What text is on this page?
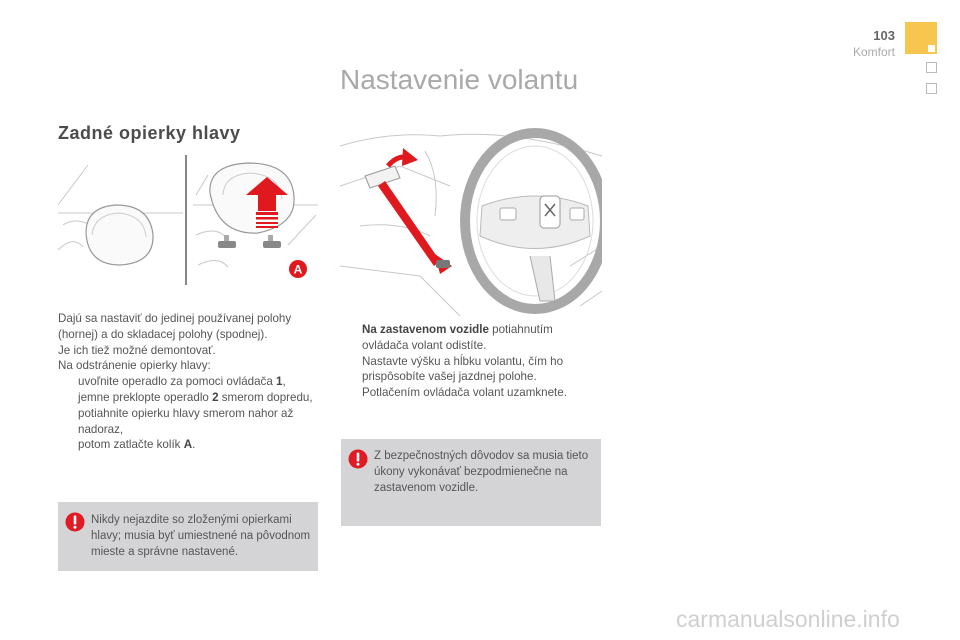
103
Komfort
Nastavenie volantu
Zadné opierky hlavy
A

Dajú sa nastaviť do jedinej používanej polohy

(hornej) a do skladacej polohy (spodnej).

Je ich tiež možné demontovať.

Na odstránenie opierky hlavy:

uvoľnite operadlo za pomoci ovládača 1,
jemne preklopte operadlo 2 smerom dopredu,
potiahnite opierku hlavy smerom nahor až nadoraz,
potom zatlačte kolík A.
Nikdy nejazdite so zloženými opierkami hlavy; musia byť umiestnené na pôvodnom mieste a správne nastavené.
Na zastavenom vozidle potiahnutím ovládača volant odistíte.
Nastavte výšku a hĺbku volantu, čím ho prispôsobíte vašej jazdnej polohe.
Potlačením ovládača volant uzamknete.
Z bezpečnostných dôvodov sa musia tieto úkony vykonávať bezpodmienečne na zastavenom vozidle.
carmanualsonline.info
